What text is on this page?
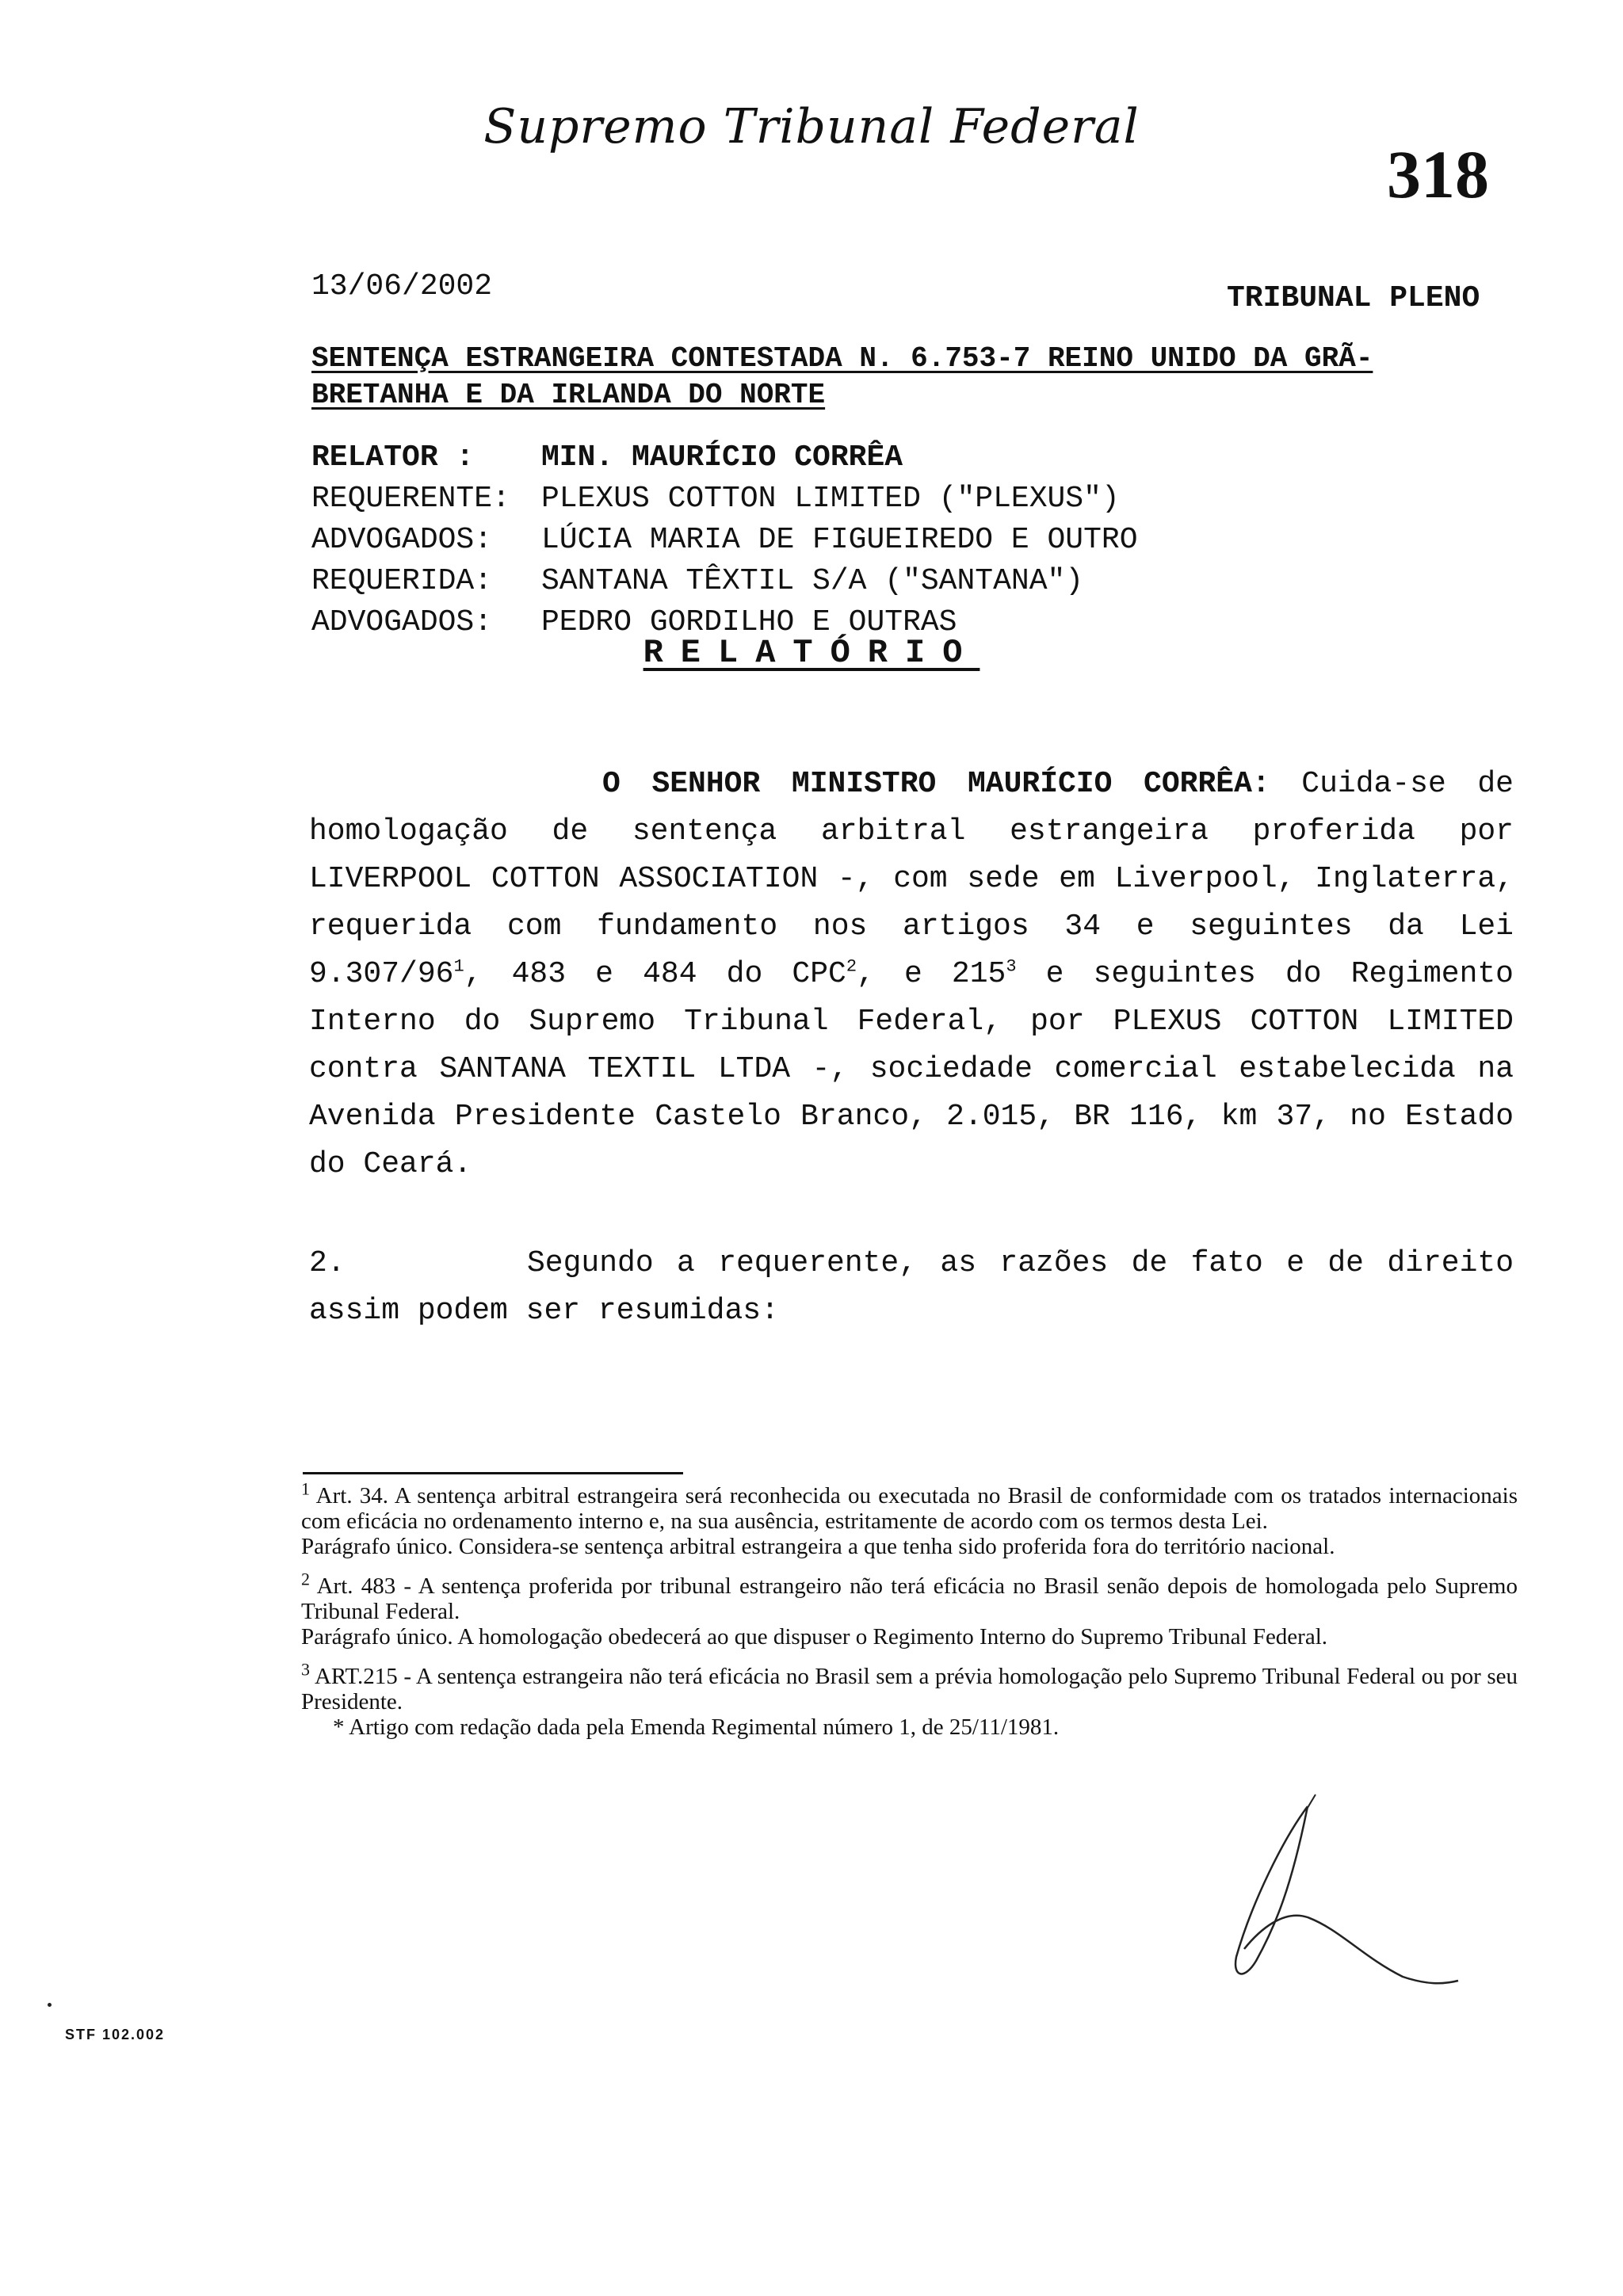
Supremo Tribunal Federal
318
13/06/2002	TRIBUNAL PLENO
SENTENÇA ESTRANGEIRA CONTESTADA N. 6.753-7 REINO UNIDO DA GRÃ-
BRETANHA E DA IRLANDA DO NORTE
RELATOR :	MIN. MAURÍCIO CORRÊA
REQUERENTE:	PLEXUS COTTON LIMITED ("PLEXUS")
ADVOGADOS:	LÚCIA MARIA DE FIGUEIREDO E OUTRO
REQUERIDA:	SANTANA TÊXTIL S/A ("SANTANA")
ADVOGADOS:	PEDRO GORDILHO E OUTRAS
RELATÓRIO
O SENHOR MINISTRO MAURÍCIO CORRÊA: Cuida-se de homologação de sentença arbitral estrangeira proferida por LIVERPOOL COTTON ASSOCIATION -, com sede em Liverpool, Inglaterra, requerida com fundamento nos artigos 34 e seguintes da Lei $9.307/96^1$, 483 e 484 do CPC$^2$, e $215^3$ e seguintes do Regimento Interno do Supremo Tribunal Federal, por PLEXUS COTTON LIMITED contra SANTANA TEXTIL LTDA -, sociedade comercial estabelecida na Avenida Presidente Castelo Branco, 2.015, BR 116, km 37, no Estado do Ceará.
2.	Segundo a requerente, as razões de fato e de direito assim podem ser resumidas:

$^1$ Art. 34. A sentença arbitral estrangeira será reconhecida ou executada no Brasil de conformidade com os tratados internacionais com eficácia no ordenamento interno e, na sua ausência, estritamente de acordo com os termos desta Lei.

Parágrafo único. Considera-se sentença arbitral estrangeira a que tenha sido proferida fora do território nacional.

$^2$ Art. 483 - A sentença proferida por tribunal estrangeiro não terá eficácia no Brasil senão depois de homologada pelo Supremo Tribunal Federal.

Parágrafo único. A homologação obedecerá ao que dispuser o Regimento Interno do Supremo Tribunal Federal.

$^3$ ART.215 - A sentença estrangeira não terá eficácia no Brasil sem a prévia homologação pelo Supremo Tribunal Federal ou por seu Presidente.

* Artigo com redação dada pela Emenda Regimental número 1, de 25/11/1981.

STF 102.002
